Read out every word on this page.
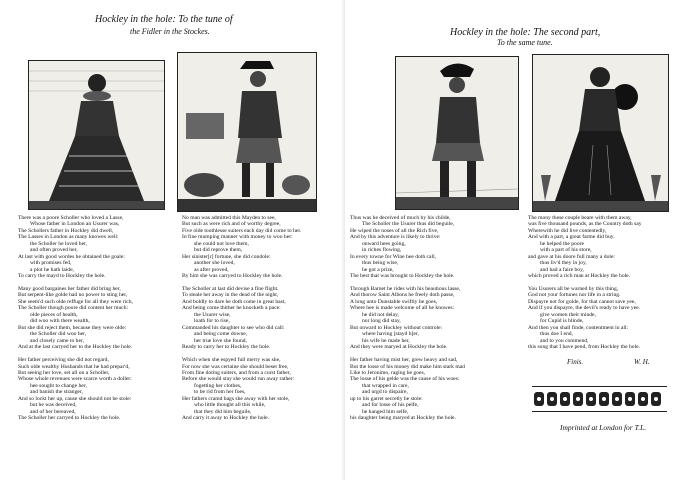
Hockley in the hole: To the tune of
the Fidler in the Stockes.
There was a poore Scholler who loved a Lasse,
Whose father in London an Usurer was,
The Schollers father in Hockley did dwell,
The Lasses in London as many knowes well:
the Scholler he loved her,
and often proved her,
At last with good wordes he obtained the goale:
with promises fed,
a plot he hath laide,
To carry the mayd to Hockley the hole.
Many good bargaines her father did bring her,
But serpent-like golde had no power to sting her,
She seem'd such olde reffuge for all they were rich,
The Scholler though poore did content her much:
olde pieces of health,
did woo with there wealth,
But she did reject them, because they were olde:
the Scholler did woo her,
and closely came to her,
And at the last carryed her to the Hockley the hole.
Her father perceiving she did not regard,
Such olde wealthy Husbands that he had prepar'd,
But seeing her love, set all on a Scholler,
Whose whole revenues were scarce worth a doller:
hee sought to change her,
and banish the stranger,
And so lockt her up, cause she should not be stole:
but he was deceived,
and of her bereaved,
The Scholler her carryed to Hockley the hole.
No man was admitted this Mayden to see,
But such as were rich and of worthy degree,
Five olde toothlesse suiters each day did come to her.
In fine mumping manner with money to woo her:
she could not love them,
but did reprove them,
Her sinister[r] fortune, she did condole:
another she loved,
as after proved,
By him she was carryed to Hockley the hole.
The Scholler at last did devise a fine flight.
To steale her away in the dead of the night,
And boldly to dare he doth come in great hast,
And being come thither he knocketh a pace:
the Usurer wise,
loath for to rise,
Commanded his daughter to see who did call:
and being come downe,
her true love she found,
Ready to carry her to Hockley the hole.
Which when she espyed full merry was she,
For now she was certaine she should beset free,
From fine doting suiters, and from a curst father,
Before she would stay she would run away rather:
fogetting her clothes,
to be rid from her foes,
Her fathers cramd bags she away with her stole,
who little thought all this while,
that they did him beguile,
And carry it away to Hockley the hole.
Hockley in the hole: The second part,
To the same tune.
Thus was he deceived of much by his childe,
The Scholler the Usurer thus did beguile,
He wiped the noses of all the Rich five,
And by this adventure is likely to thrive:
onward hees going,
in riches flowing,
In every towne for Wine hee doth call,
thus being wise,
he got a prize,
The best that was brought to Hockley the hole.
Through Barnet he rides with his beautious lasse,
And thorow Saint Albons he freely doth passe,
A long unto Dunstable swiftly he goes,
Where hee is made welcome of all he knowes:
he did not delay,
nor long did stay,
But onward to Hockley without controle:
where having [stayd h]er,
his wife he made her,
And they were maryed at Hockley the hole.
Her father having mist her, grew heavy and sad,
But the losse of his money did make him stark mad
Like to Jeronimo, raging he goes,
The losse of his gelde was the cause of his woes:
that wrapped in care,
and urgd to dispaire,
up to his garret secretly he stole:
and for losse of his pelfe,
he hanged him selfe,
his daughter being maryed at Hockley the hole.
The mony these couple beare with them away,
was five thousand pounds, as the Country doth say
Wherewith he did live contentedly,
And with a part, a great farme did buy.
he helped the poore
with a part of his store,
and gave at his doore full many a dole:
thus liv'd they in joy,
and had a faire boy,
which proved a rich man at Hockley the hole.
You Usurers all be warned by this thing,
God not your fortunes nor life in a string.
Dispayre not for golde, for that cannot save yee,
And if you dispayre, the devil's ready to have yee.
give women their minde,
for Cupid is blinde,
And then you shall finde, contentment in all:
thus doe I end,
and to you commend,
this song that I have pend, from Hockley the hole.
Finis.	W. H.
Imprinted at London for T.L.
